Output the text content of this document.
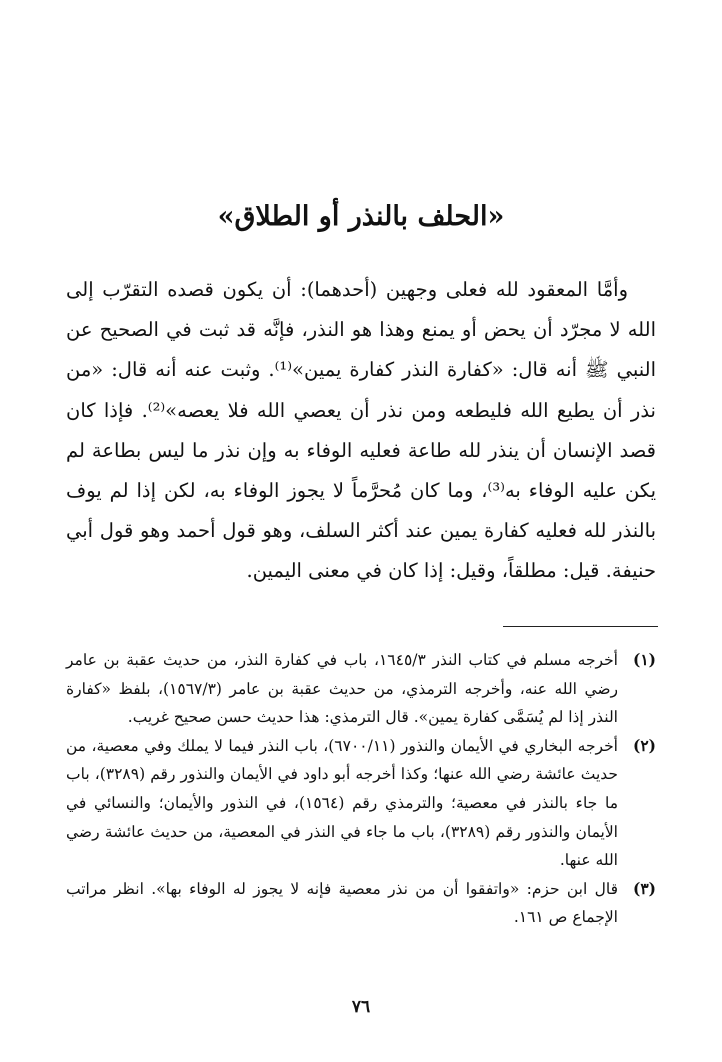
«الحلف بالنذر أو الطلاق»

وأمَّا المعقود لله فعلى وجهين (أحدهما): أن يكون قصده التقرّب إلى الله لا مجرّد أن يحض أو يمنع وهذا هو النذر، فإنَّه قد ثبت في الصحيح عن النبي ﷺ أنه قال: «كفارة النذر كفارة يمين»⁽¹⁾. وثبت عنه أنه قال: «من نذر أن يطيع الله فليطعه ومن نذر أن يعصي الله فلا يعصه»⁽²⁾. فإذا كان قصد الإنسان أن ينذر لله طاعة فعليه الوفاء به وإن نذر ما ليس بطاعة لم يكن عليه الوفاء به⁽³⁾، وما كان مُحرَّماً لا يجوز الوفاء به، لكن إذا لم يوف بالنذر لله فعليه كفارة يمين عند أكثر السلف، وهو قول أحمد وهو قول أبي حنيفة. قيل: مطلقاً، وقيل: إذا كان في معنى اليمين.

(١)
أخرجه مسلم في كتاب النذر ١٦٤٥/٣، باب في كفارة النذر، من حديث عقبة بن عامر رضي الله عنه، وأخرجه الترمذي، من حديث عقبة بن عامر (١٥٦٧/٣)، بلفظ «كفارة النذر إذا لم يُسَمَّى كفارة يمين». قال الترمذي: هذا حديث حسن صحيح غريب.
(٢)
أخرجه البخاري في الأيمان والنذور (٦٧٠٠/١١)، باب النذر فيما لا يملك وفي معصية، من حديث عائشة رضي الله عنها؛ وكذا أخرجه أبو داود في الأيمان والنذور رقم (٣٢٨٩)، باب ما جاء بالنذر في معصية؛ والترمذي رقم (١٥٦٤)، في النذور والأيمان؛ والنسائي في الأيمان والنذور رقم (٣٢٨٩)، باب ما جاء في النذر في المعصية، من حديث عائشة رضي الله عنها.
(٣)
قال ابن حزم: «واتفقوا أن من نذر معصية فإنه لا يجوز له الوفاء بها». انظر مراتب الإجماع ص ١٦١.
٧٦
